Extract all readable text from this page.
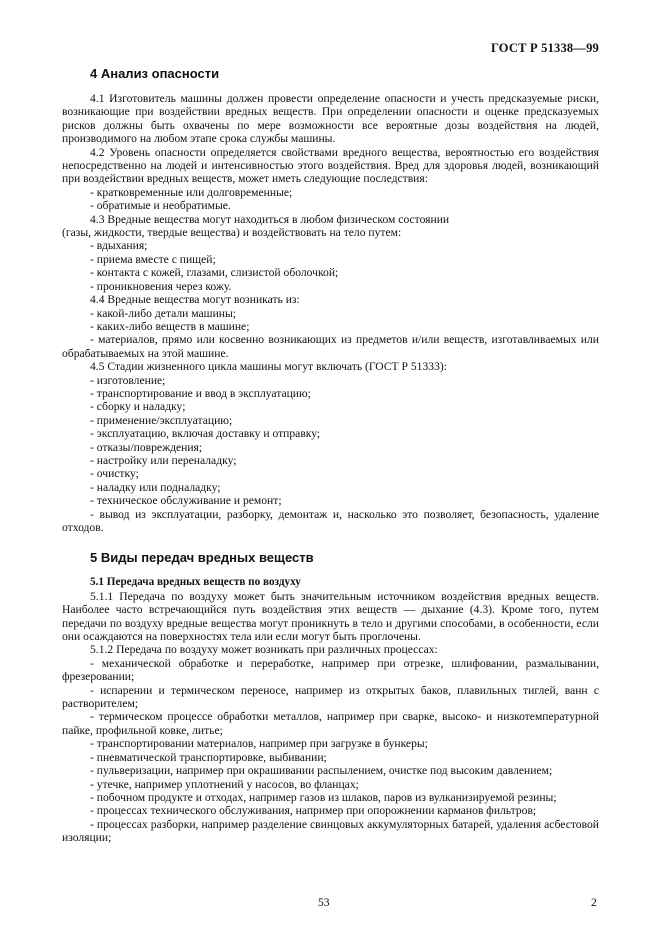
ГОСТ Р 51338—99
4 Анализ опасности

4.1 Изготовитель машины должен провести определение опасности и учесть предсказуемые риски, возникающие при воздействии вредных веществ. При определении опасности и оценке предсказуемых рисков должны быть охвачены по мере возможности все вероятные дозы воздействия на людей, производимого на любом этапе срока службы машины.

4.2 Уровень опасности определяется свойствами вредного вещества, вероятностью его воздействия непосредственно на людей и интенсивностью этого воздействия. Вред для здоровья людей, возникающий при воздействии вредных веществ, может иметь следующие последствия:

- кратковременные или долговременные;

- обратимые и необратимые.

4.3 Вредные вещества могут находиться в любом физическом состоянии

(газы, жидкости, твердые вещества) и воздействовать на тело путем:

- вдыхания;

- приема вместе с пищей;

- контакта с кожей, глазами, слизистой оболочкой;

- проникновения через кожу.

4.4 Вредные вещества могут возникать из:

- какой-либо детали машины;

- каких-либо веществ в машине;

- материалов, прямо или косвенно возникающих из предметов и/или веществ, изготавливаемых или обрабатываемых на этой машине.

4.5 Стадии жизненного цикла машины могут включать (ГОСТ Р 51333):

- изготовление;

- транспортирование и ввод в эксплуатацию;

- сборку и наладку;

- применение/эксплуатацию;

- эксплуатацию, включая доставку и отправку;

- отказы/повреждения;

- настройку или переналадку;

- очистку;

- наладку или подналадку;

- техническое обслуживание и ремонт;

- вывод из эксплуатации, разборку, демонтаж и, насколько это позволяет, безопасность, удаление отходов.

5 Виды передач вредных веществ
5.1 Передача вредных веществ по воздуху

5.1.1 Передача по воздуху может быть значительным источником воздействия вредных веществ. Наиболее часто встречающийся путь воздействия этих веществ — дыхание (4.3). Кроме того, путем передачи по воздуху вредные вещества могут проникнуть в тело и другими способами, в особенности, если они осаждаются на поверхностях тела или если могут быть проглочены.

5.1.2 Передача по воздуху может возникать при различных процессах:

- механической обработке и переработке, например при отрезке, шлифовании, размалывании, фрезеровании;

- испарении и термическом переносе, например из открытых баков, плавильных тиглей, ванн с растворителем;

- термическом процессе обработки металлов, например при сварке, высоко- и низкотемпературной пайке, профильной ковке, литье;

- транспортировании материалов, например при загрузке в бункеры;

- пневматической транспортировке, выбивании;

- пульверизации, например при окрашивании распылением, очистке под высоким давлением;

- утечке, например уплотнений у насосов, во фланцах;

- побочном продукте и отходах, например газов из шлаков, паров из вулканизируемой резины;

- процессах технического обслуживания, например при опорожнении карманов фильтров;

- процессах разборки, например разделение свинцовых аккумуляторных батарей, удаления асбестовой изоляции;

53	2
